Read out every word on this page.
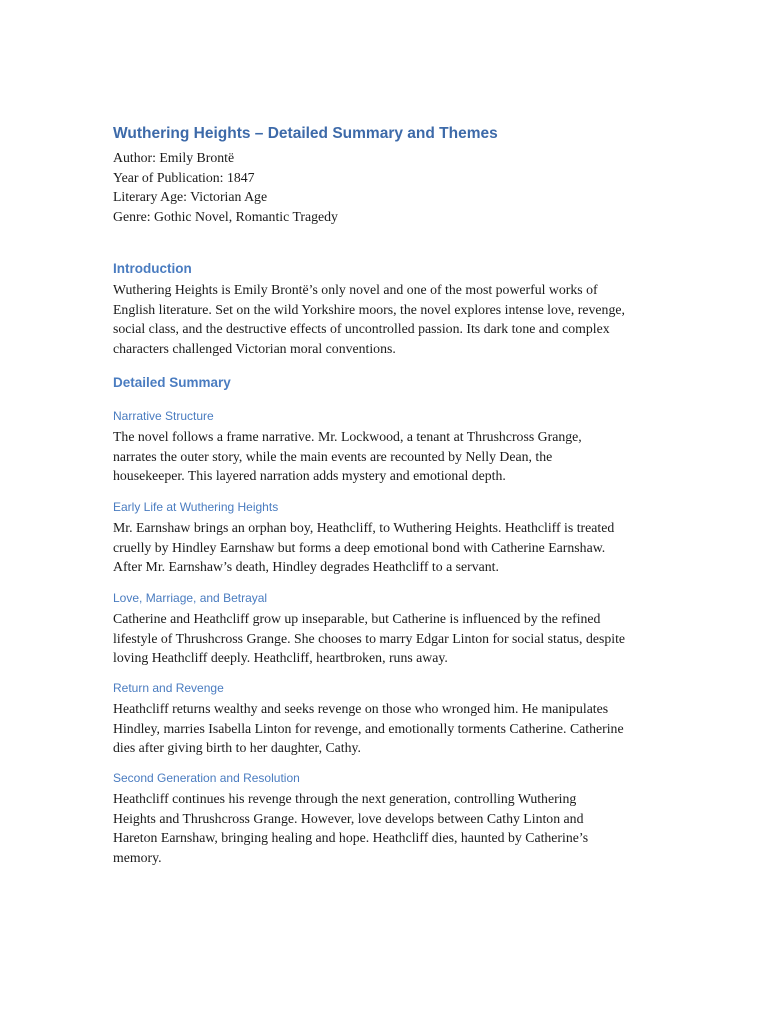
Wuthering Heights – Detailed Summary and Themes
Author: Emily Brontë
Year of Publication: 1847
Literary Age: Victorian Age
Genre: Gothic Novel, Romantic Tragedy
Introduction
Wuthering Heights is Emily Brontë’s only novel and one of the most powerful works of
English literature. Set on the wild Yorkshire moors, the novel explores intense love, revenge,
social class, and the destructive effects of uncontrolled passion. Its dark tone and complex
characters challenged Victorian moral conventions.
Detailed Summary
Narrative Structure
The novel follows a frame narrative. Mr. Lockwood, a tenant at Thrushcross Grange,
narrates the outer story, while the main events are recounted by Nelly Dean, the
housekeeper. This layered narration adds mystery and emotional depth.
Early Life at Wuthering Heights
Mr. Earnshaw brings an orphan boy, Heathcliff, to Wuthering Heights. Heathcliff is treated
cruelly by Hindley Earnshaw but forms a deep emotional bond with Catherine Earnshaw.
After Mr. Earnshaw’s death, Hindley degrades Heathcliff to a servant.
Love, Marriage, and Betrayal
Catherine and Heathcliff grow up inseparable, but Catherine is influenced by the refined
lifestyle of Thrushcross Grange. She chooses to marry Edgar Linton for social status, despite
loving Heathcliff deeply. Heathcliff, heartbroken, runs away.
Return and Revenge
Heathcliff returns wealthy and seeks revenge on those who wronged him. He manipulates
Hindley, marries Isabella Linton for revenge, and emotionally torments Catherine. Catherine
dies after giving birth to her daughter, Cathy.
Second Generation and Resolution
Heathcliff continues his revenge through the next generation, controlling Wuthering
Heights and Thrushcross Grange. However, love develops between Cathy Linton and
Hareton Earnshaw, bringing healing and hope. Heathcliff dies, haunted by Catherine’s
memory.
